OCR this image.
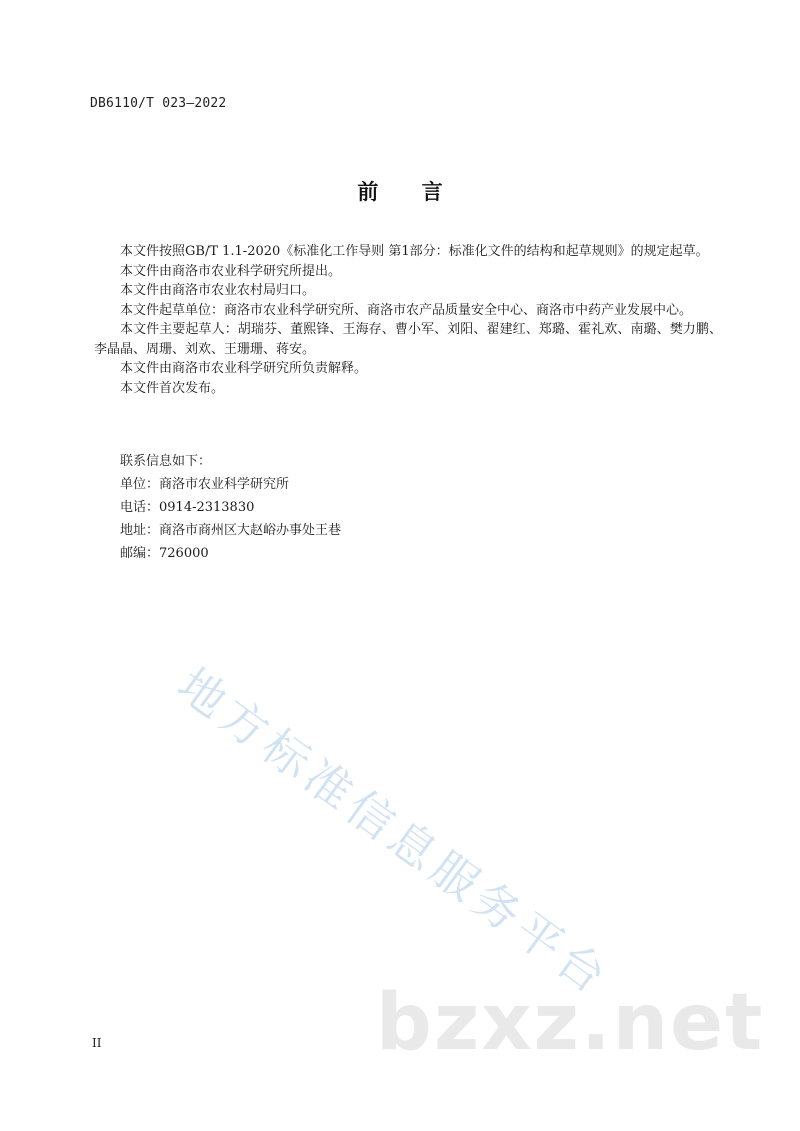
DB6110/T 023—2022
前 言

本文件按照GB/T 1.1-2020《标准化工作导则 第1部分：标准化文件的结构和起草规则》的规定起草。

本文件由商洛市农业科学研究所提出。

本文件由商洛市农业农村局归口。

本文件起草单位：商洛市农业科学研究所、商洛市农产品质量安全中心、商洛市中药产业发展中心。

本文件主要起草人：胡瑞芬、董熙锋、王海存、曹小军、刘阳、翟建红、郑璐、霍礼欢、南璐、樊力鹏、李晶晶、周珊、刘欢、王珊珊、蒋安。

本文件由商洛市农业科学研究所负责解释。

本文件首次发布。

联系信息如下：
单位：商洛市农业科学研究所
电话：0914-2313830
地址：商洛市商州区大赵峪办事处王巷
邮编：726000
地方标准信息服务平台
bzxz.net
II
